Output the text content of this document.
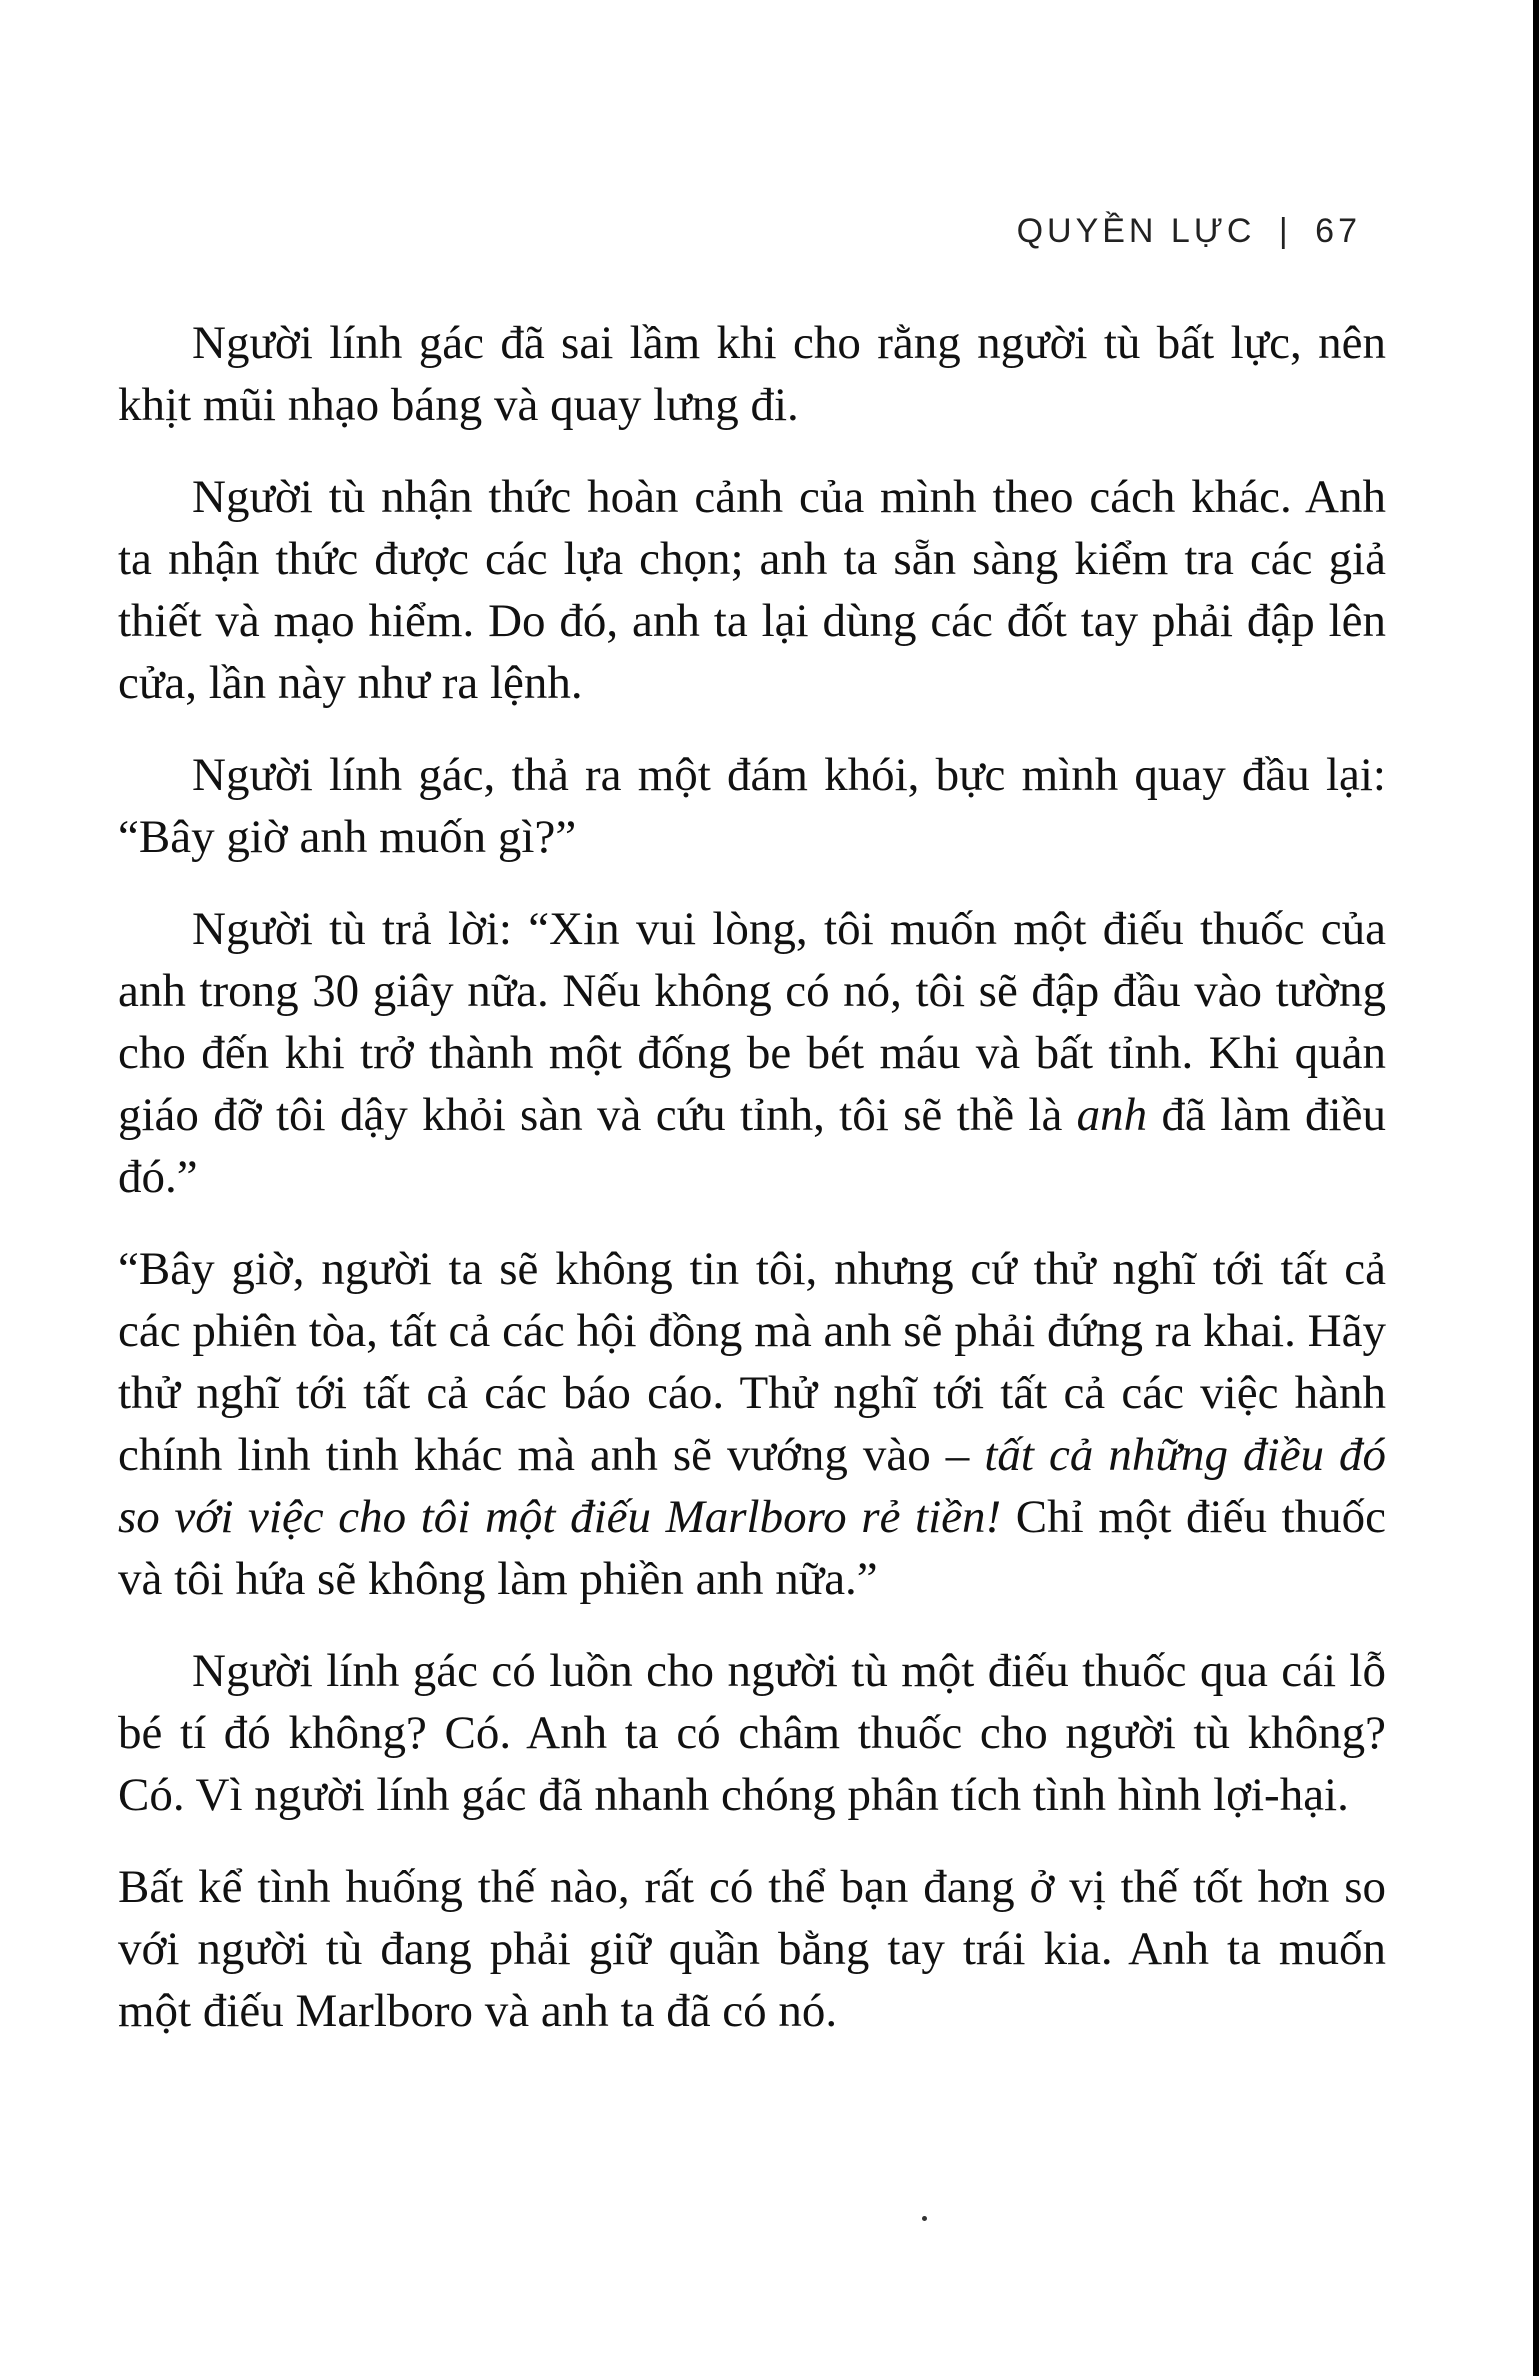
QUYỀN LỰC | 67

Người lính gác đã sai lầm khi cho rằng người tù bất lực, nên khịt mũi nhạo báng và quay lưng đi.

Người tù nhận thức hoàn cảnh của mình theo cách khác. Anh ta nhận thức được các lựa chọn; anh ta sẵn sàng kiểm tra các giả thiết và mạo hiểm. Do đó, anh ta lại dùng các đốt tay phải đập lên cửa, lần này như ra lệnh.

Người lính gác, thả ra một đám khói, bực mình quay đầu lại: “Bây giờ anh muốn gì?”

Người tù trả lời: “Xin vui lòng, tôi muốn một điếu thuốc của anh trong 30 giây nữa. Nếu không có nó, tôi sẽ đập đầu vào tường cho đến khi trở thành một đống be bét máu và bất tỉnh. Khi quản giáo đỡ tôi dậy khỏi sàn và cứu tỉnh, tôi sẽ thề là anh đã làm điều đó.”

“Bây giờ, người ta sẽ không tin tôi, nhưng cứ thử nghĩ tới tất cả các phiên tòa, tất cả các hội đồng mà anh sẽ phải đứng ra khai. Hãy thử nghĩ tới tất cả các báo cáo. Thử nghĩ tới tất cả các việc hành chính linh tinh khác mà anh sẽ vướng vào – tất cả những điều đó so với việc cho tôi một điếu Marlboro rẻ tiền! Chỉ một điếu thuốc và tôi hứa sẽ không làm phiền anh nữa.”

Người lính gác có luồn cho người tù một điếu thuốc qua cái lỗ bé tí đó không? Có. Anh ta có châm thuốc cho người tù không? Có. Vì người lính gác đã nhanh chóng phân tích tình hình lợi-hại.

Bất kể tình huống thế nào, rất có thể bạn đang ở vị thế tốt hơn so với người tù đang phải giữ quần bằng tay trái kia. Anh ta muốn một điếu Marlboro và anh ta đã có nó.
